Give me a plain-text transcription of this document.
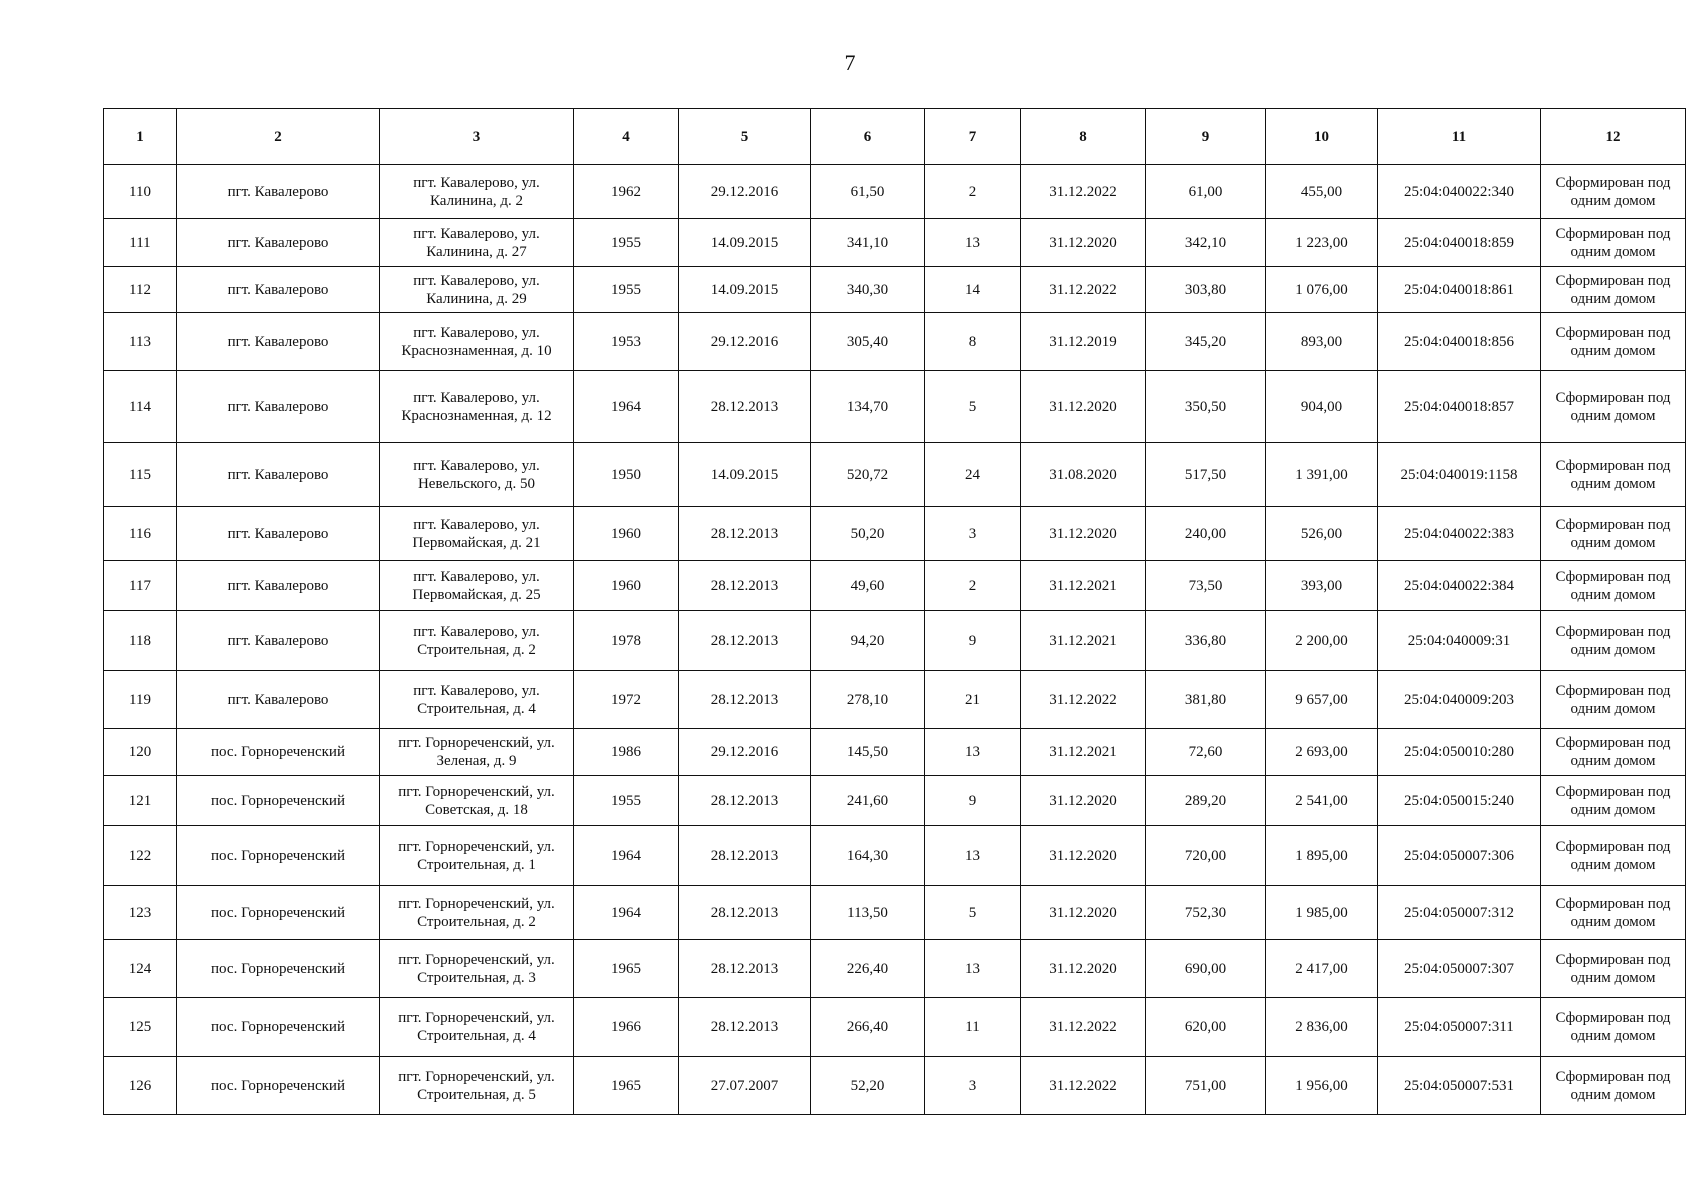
7
1	2	3	4	5	6	7	8	9	10	11	12
110	пгт. Кавалерово	пгт. Кавалерово, ул. Калинина, д. 2	1962	29.12.2016	61,50	2	31.12.2022	61,00	455,00	25:04:040022:340	Сформирован под одним домом
111	пгт. Кавалерово	пгт. Кавалерово, ул. Калинина, д. 27	1955	14.09.2015	341,10	13	31.12.2020	342,10	1 223,00	25:04:040018:859	Сформирован под одним домом
112	пгт. Кавалерово	пгт. Кавалерово, ул. Калинина, д. 29	1955	14.09.2015	340,30	14	31.12.2022	303,80	1 076,00	25:04:040018:861	Сформирован под одним домом
113	пгт. Кавалерово	пгт. Кавалерово, ул. Краснознаменная, д. 10	1953	29.12.2016	305,40	8	31.12.2019	345,20	893,00	25:04:040018:856	Сформирован под одним домом
114	пгт. Кавалерово	пгт. Кавалерово, ул. Краснознаменная, д. 12	1964	28.12.2013	134,70	5	31.12.2020	350,50	904,00	25:04:040018:857	Сформирован под одним домом
115	пгт. Кавалерово	пгт. Кавалерово, ул. Невельского, д. 50	1950	14.09.2015	520,72	24	31.08.2020	517,50	1 391,00	25:04:040019:1158	Сформирован под одним домом
116	пгт. Кавалерово	пгт. Кавалерово, ул. Первомайская, д. 21	1960	28.12.2013	50,20	3	31.12.2020	240,00	526,00	25:04:040022:383	Сформирован под одним домом
117	пгт. Кавалерово	пгт. Кавалерово, ул. Первомайская, д. 25	1960	28.12.2013	49,60	2	31.12.2021	73,50	393,00	25:04:040022:384	Сформирован под одним домом
118	пгт. Кавалерово	пгт. Кавалерово, ул. Строительная, д. 2	1978	28.12.2013	94,20	9	31.12.2021	336,80	2 200,00	25:04:040009:31	Сформирован под одним домом
119	пгт. Кавалерово	пгт. Кавалерово, ул. Строительная, д. 4	1972	28.12.2013	278,10	21	31.12.2022	381,80	9 657,00	25:04:040009:203	Сформирован под одним домом
120	пос. Горнореченский	пгт. Горнореченский, ул. Зеленая, д. 9	1986	29.12.2016	145,50	13	31.12.2021	72,60	2 693,00	25:04:050010:280	Сформирован под одним домом
121	пос. Горнореченский	пгт. Горнореченский, ул. Советская, д. 18	1955	28.12.2013	241,60	9	31.12.2020	289,20	2 541,00	25:04:050015:240	Сформирован под одним домом
122	пос. Горнореченский	пгт. Горнореченский, ул. Строительная, д. 1	1964	28.12.2013	164,30	13	31.12.2020	720,00	1 895,00	25:04:050007:306	Сформирован под одним домом
123	пос. Горнореченский	пгт. Горнореченский, ул. Строительная, д. 2	1964	28.12.2013	113,50	5	31.12.2020	752,30	1 985,00	25:04:050007:312	Сформирован под одним домом
124	пос. Горнореченский	пгт. Горнореченский, ул. Строительная, д. 3	1965	28.12.2013	226,40	13	31.12.2020	690,00	2 417,00	25:04:050007:307	Сформирован под одним домом
125	пос. Горнореченский	пгт. Горнореченский, ул. Строительная, д. 4	1966	28.12.2013	266,40	11	31.12.2022	620,00	2 836,00	25:04:050007:311	Сформирован под одним домом
126	пос. Горнореченский	пгт. Горнореченский, ул. Строительная, д. 5	1965	27.07.2007	52,20	3	31.12.2022	751,00	1 956,00	25:04:050007:531	Сформирован под одним домом
